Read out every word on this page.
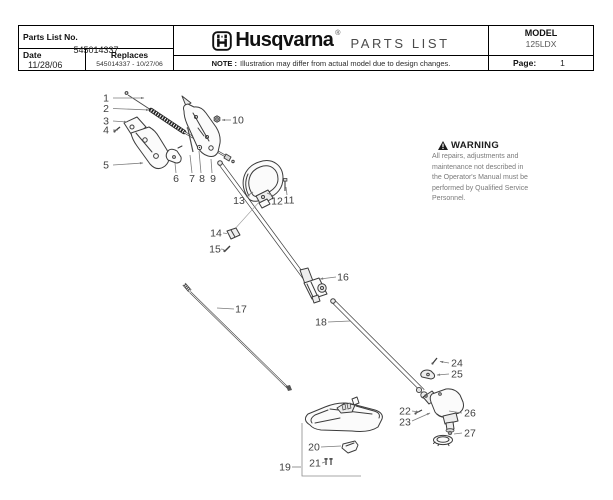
Parts List No.
545014337
Date
11/28/06
Replaces
545014337 - 10/27/06
Husqvarna ®
PARTS LIST
NOTE : Illustration may differ from actual model due to design changes.
MODEL
125LDX
Page:	1
1
2
3
4
5
6 7 8 9
10
11
12
13
14
15
16
17
18
19
20
21
22
23
24
25
26
27
WARNING
All repairs, adjustments and
maintenance not described in
the Operator's Manual must be
performed by Qualified Service
Personnel.
